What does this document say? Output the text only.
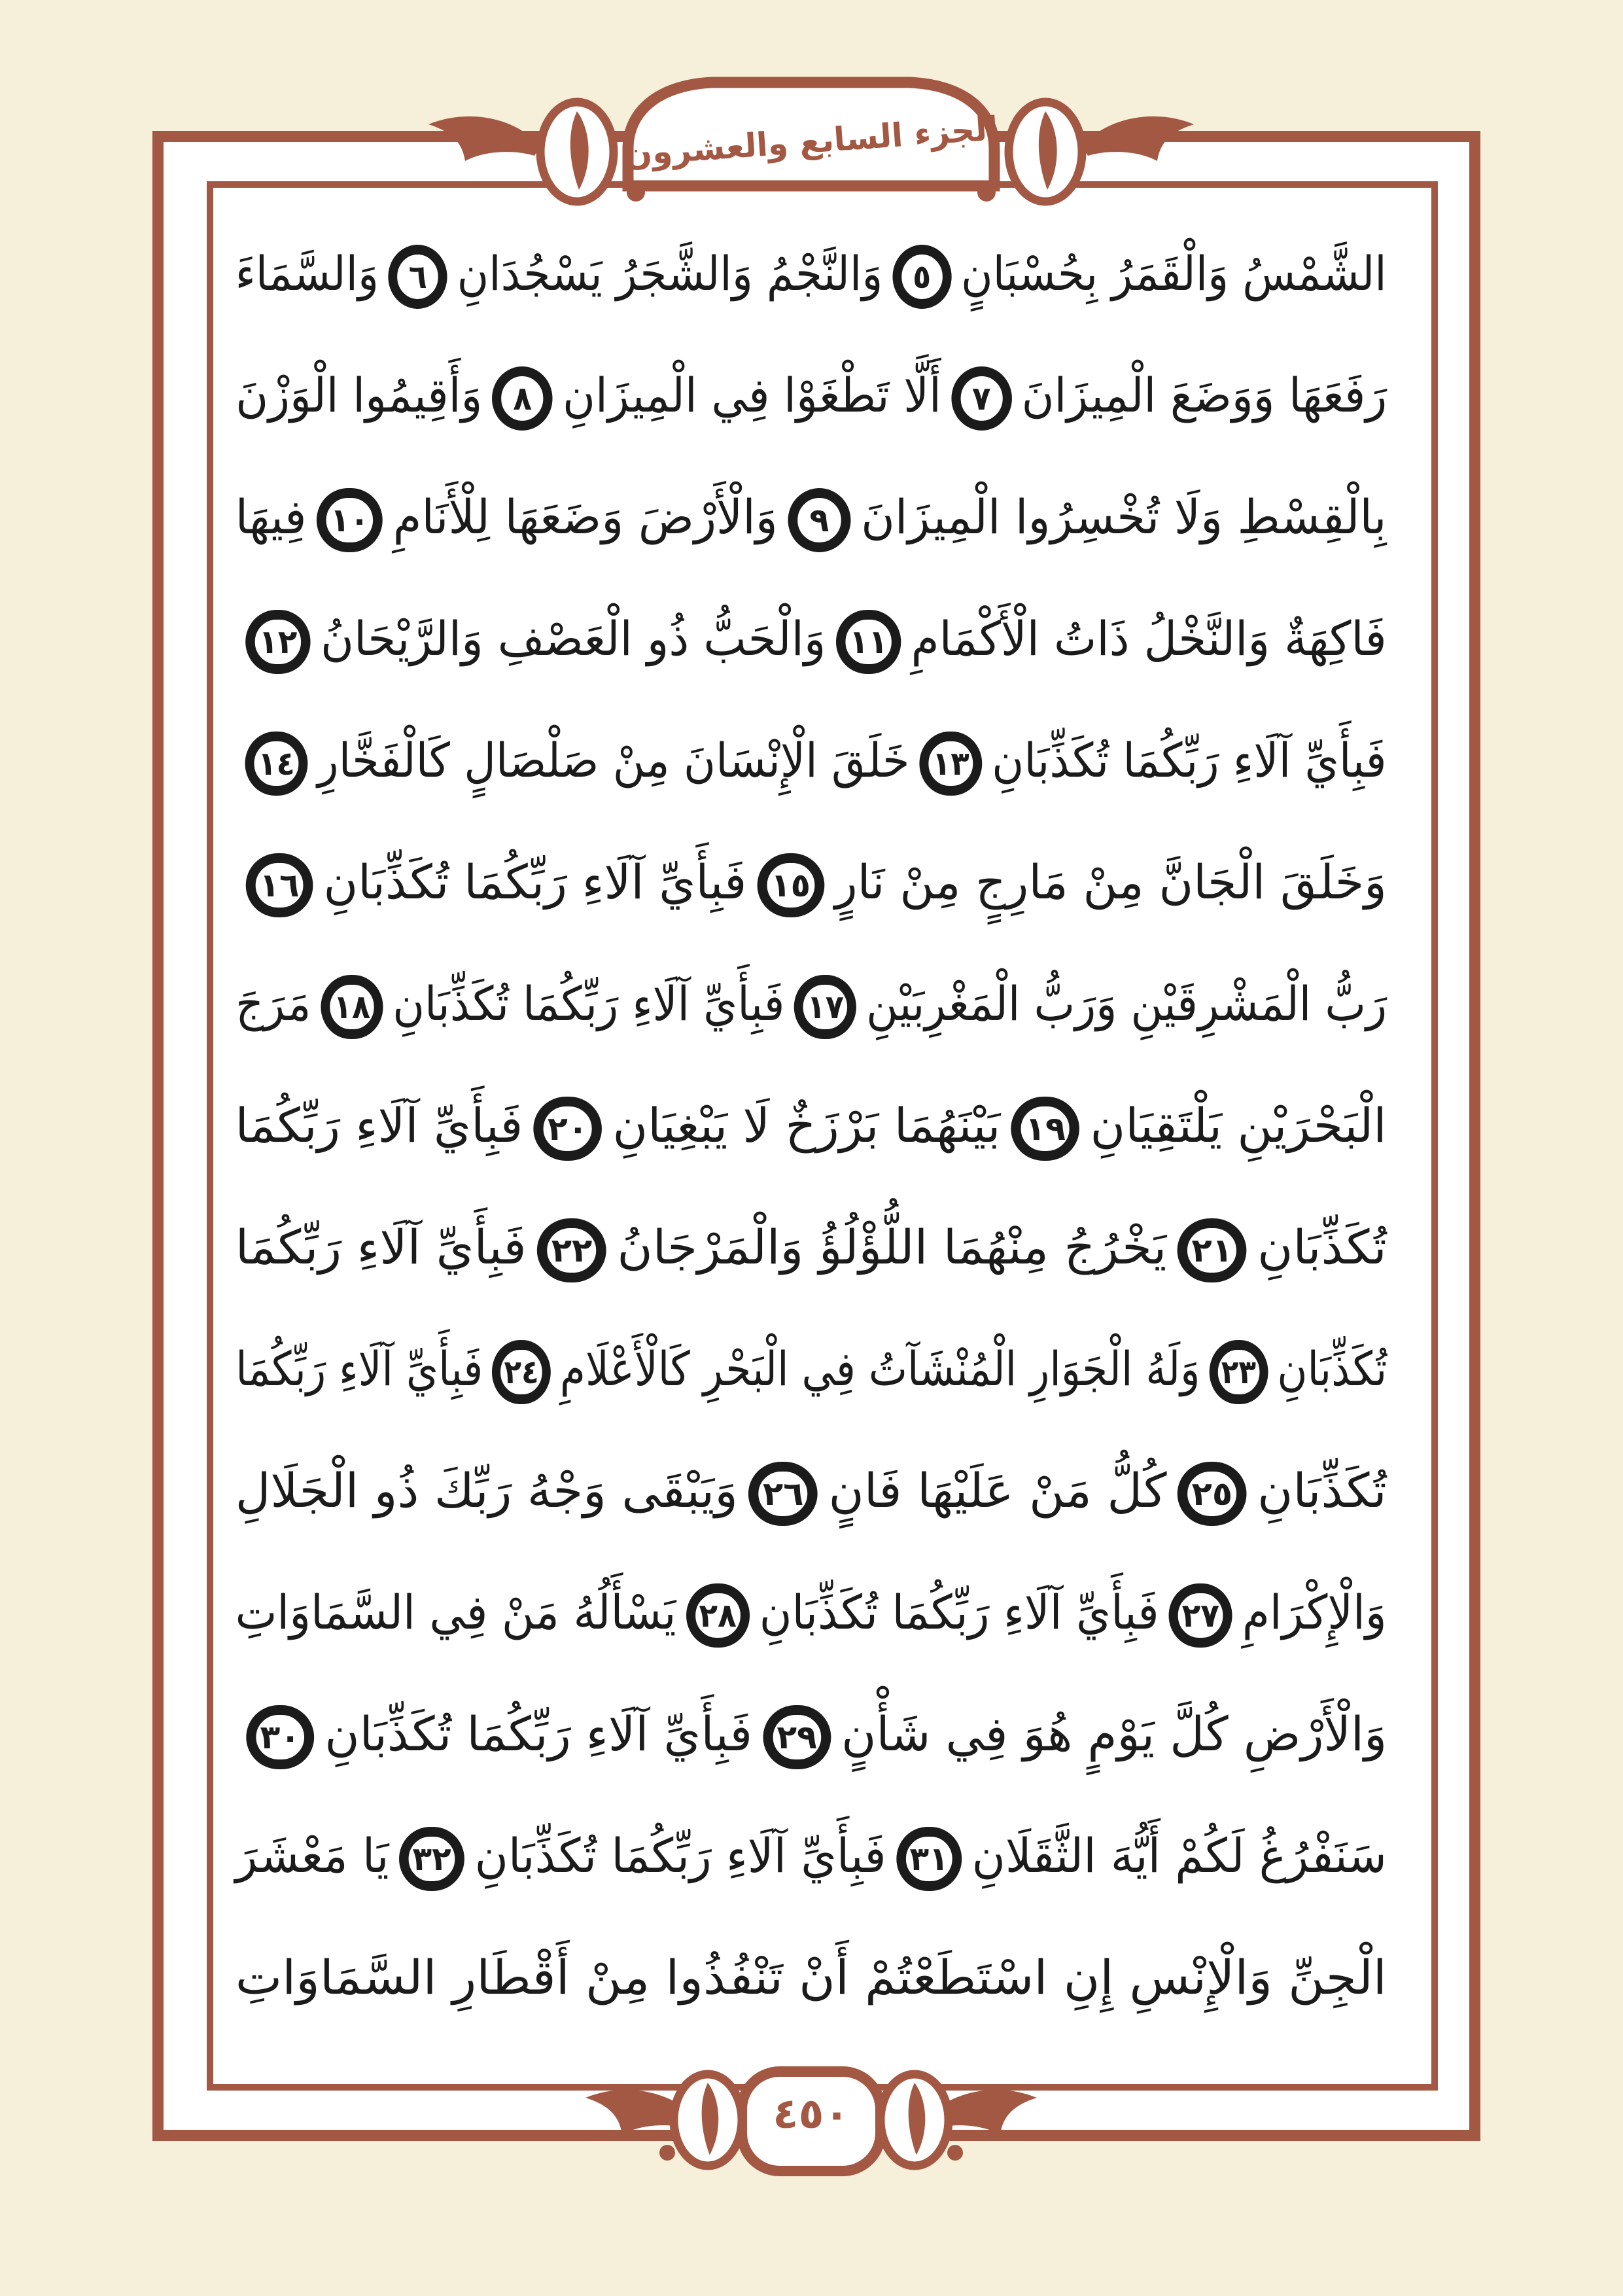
الجزء السابع والعشرون
الشَّمْسُ وَالْقَمَرُ بِحُسْبَانٍ
٥
وَالنَّجْمُ وَالشَّجَرُ يَسْجُدَانِ
٦
وَالسَّمَاءَ
رَفَعَهَا وَوَضَعَ الْمِيزَانَ
٧
أَلَّا تَطْغَوْا فِي الْمِيزَانِ
٨
وَأَقِيمُوا الْوَزْنَ
بِالْقِسْطِ وَلَا تُخْسِرُوا الْمِيزَانَ
٩
وَالْأَرْضَ وَضَعَهَا لِلْأَنَامِ
١٠
فِيهَا
فَاكِهَةٌ وَالنَّخْلُ ذَاتُ الْأَكْمَامِ
١١
وَالْحَبُّ ذُو الْعَصْفِ وَالرَّيْحَانُ
١٢
فَبِأَيِّ آلَاءِ رَبِّكُمَا تُكَذِّبَانِ
١٣
خَلَقَ الْإِنْسَانَ مِنْ صَلْصَالٍ كَالْفَخَّارِ
١٤
وَخَلَقَ الْجَانَّ مِنْ مَارِجٍ مِنْ نَارٍ
١٥
فَبِأَيِّ آلَاءِ رَبِّكُمَا تُكَذِّبَانِ
١٦
رَبُّ الْمَشْرِقَيْنِ وَرَبُّ الْمَغْرِبَيْنِ
١٧
فَبِأَيِّ آلَاءِ رَبِّكُمَا تُكَذِّبَانِ
١٨
مَرَجَ
الْبَحْرَيْنِ يَلْتَقِيَانِ
١٩
بَيْنَهُمَا بَرْزَخٌ لَا يَبْغِيَانِ
٢٠
فَبِأَيِّ آلَاءِ رَبِّكُمَا
تُكَذِّبَانِ
٢١
يَخْرُجُ مِنْهُمَا اللُّؤْلُؤُ وَالْمَرْجَانُ
٢٢
فَبِأَيِّ آلَاءِ رَبِّكُمَا
تُكَذِّبَانِ
٢٣
وَلَهُ الْجَوَارِ الْمُنْشَآتُ فِي الْبَحْرِ كَالْأَعْلَامِ
٢٤
فَبِأَيِّ آلَاءِ رَبِّكُمَا
تُكَذِّبَانِ
٢٥
كُلُّ مَنْ عَلَيْهَا فَانٍ
٢٦
وَيَبْقَى وَجْهُ رَبِّكَ ذُو الْجَلَالِ
وَالْإِكْرَامِ
٢٧
فَبِأَيِّ آلَاءِ رَبِّكُمَا تُكَذِّبَانِ
٢٨
يَسْأَلُهُ مَنْ فِي السَّمَاوَاتِ
وَالْأَرْضِ كُلَّ يَوْمٍ هُوَ فِي شَأْنٍ
٢٩
فَبِأَيِّ آلَاءِ رَبِّكُمَا تُكَذِّبَانِ
٣٠
سَنَفْرُغُ لَكُمْ أَيُّهَ الثَّقَلَانِ
٣١
فَبِأَيِّ آلَاءِ رَبِّكُمَا تُكَذِّبَانِ
٣٢
يَا مَعْشَرَ
الْجِنِّ وَالْإِنْسِ إِنِ اسْتَطَعْتُمْ أَنْ تَنْفُذُوا مِنْ أَقْطَارِ السَّمَاوَاتِ
٤٥٠
